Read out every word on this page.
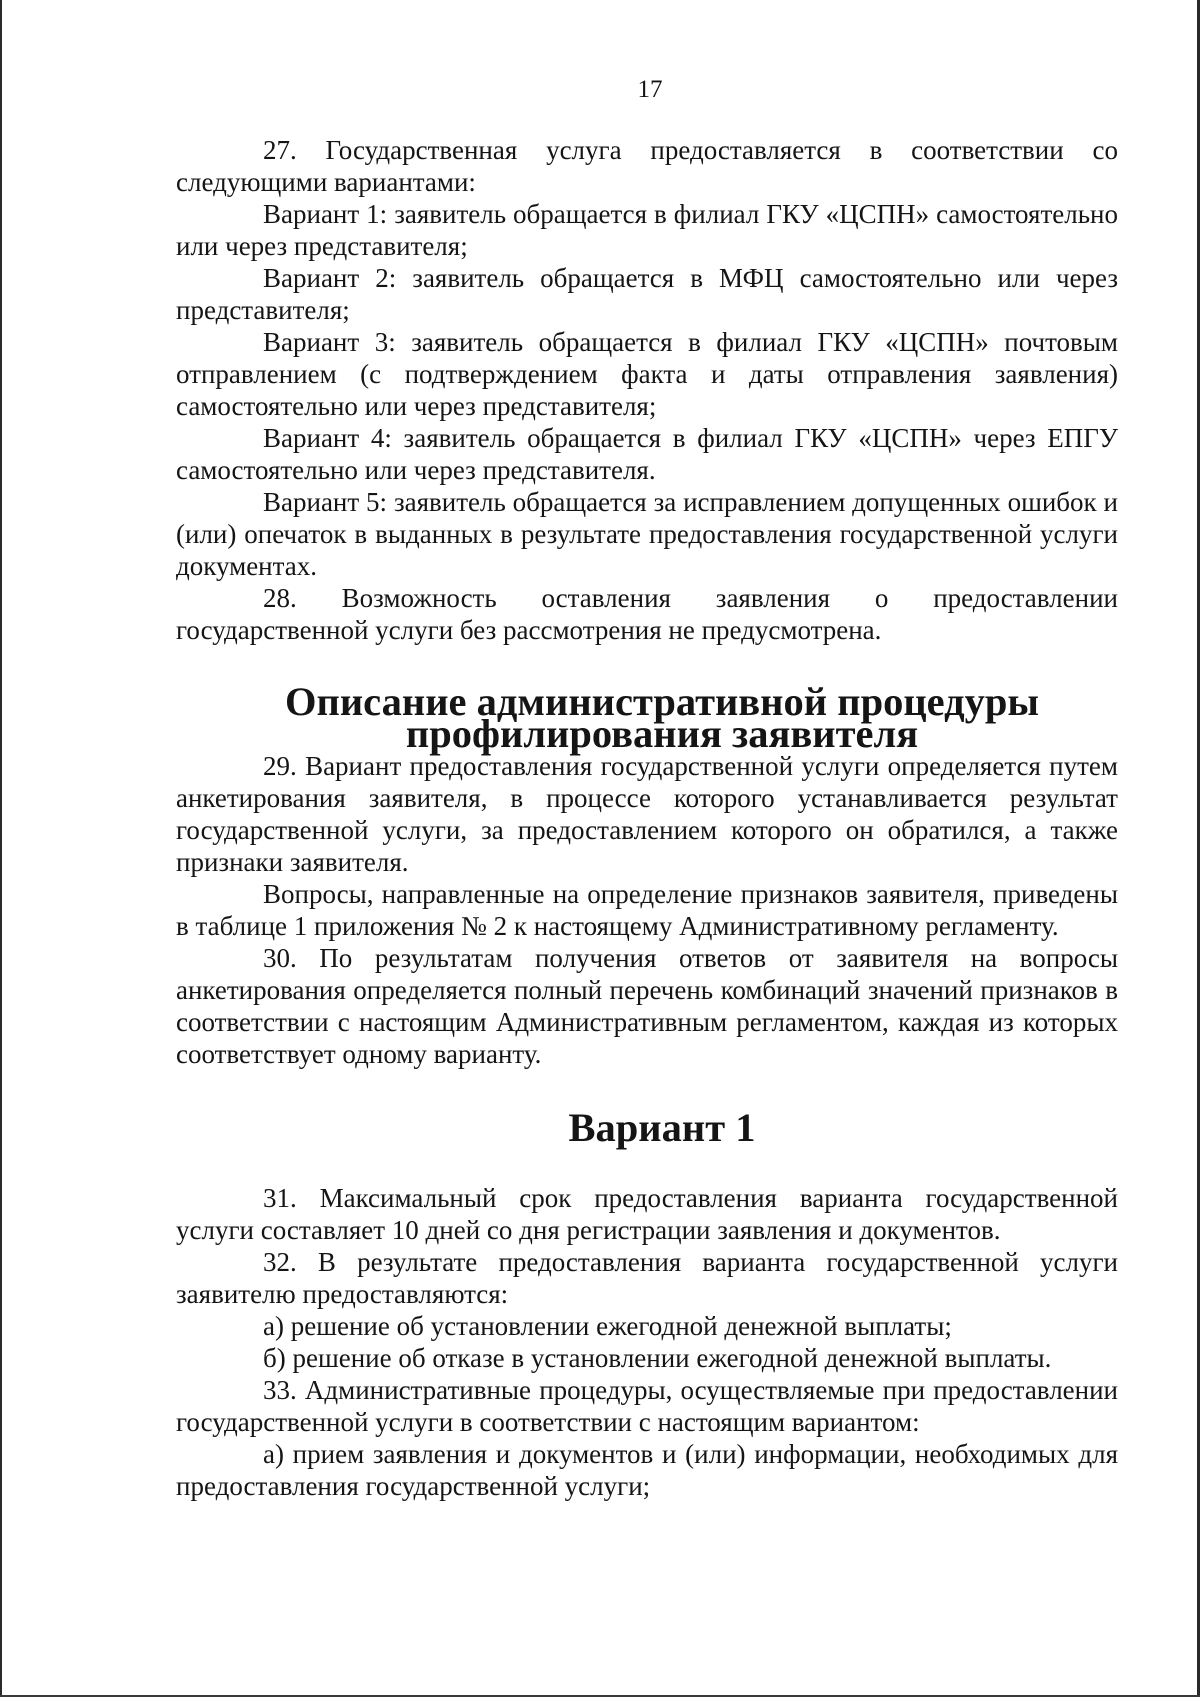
17

27. Государственная услуга предоставляется в соответствии со следующими вариантами:

Вариант 1: заявитель обращается в филиал ГКУ «ЦСПН» самостоятельно или через представителя;

Вариант 2: заявитель обращается в МФЦ самостоятельно или через представителя;

Вариант 3: заявитель обращается в филиал ГКУ «ЦСПН» почтовым отправлением (с подтверждением факта и даты отправления заявления) самостоятельно или через представителя;

Вариант 4: заявитель обращается в филиал ГКУ «ЦСПН» через ЕПГУ самостоятельно или через представителя.

Вариант 5: заявитель обращается за исправлением допущенных ошибок и (или) опечаток в выданных в результате предоставления государственной услуги документах.

28. Возможность оставления заявления о предоставлении государственной услуги без рассмотрения не предусмотрена.

Описание административной процедуры профилирования заявителя

29. Вариант предоставления государственной услуги определяется путем анкетирования заявителя, в процессе которого устанавливается результат государственной услуги, за предоставлением которого он обратился, а также признаки заявителя.

Вопросы, направленные на определение признаков заявителя, приведены в таблице 1 приложения № 2 к настоящему Административному регламенту.

30. По результатам получения ответов от заявителя на вопросы анкетирования определяется полный перечень комбинаций значений признаков в соответствии с настоящим Административным регламентом, каждая из которых соответствует одному варианту.

Вариант 1

31. Максимальный срок предоставления варианта государственной услуги составляет 10 дней со дня регистрации заявления и документов.

32. В результате предоставления варианта государственной услуги заявителю предоставляются:

а) решение об установлении ежегодной денежной выплаты;

б) решение об отказе в установлении ежегодной денежной выплаты.

33. Административные процедуры, осуществляемые при предоставлении государственной услуги в соответствии с настоящим вариантом:

а) прием заявления и документов и (или) информации, необходимых для предоставления государственной услуги;
